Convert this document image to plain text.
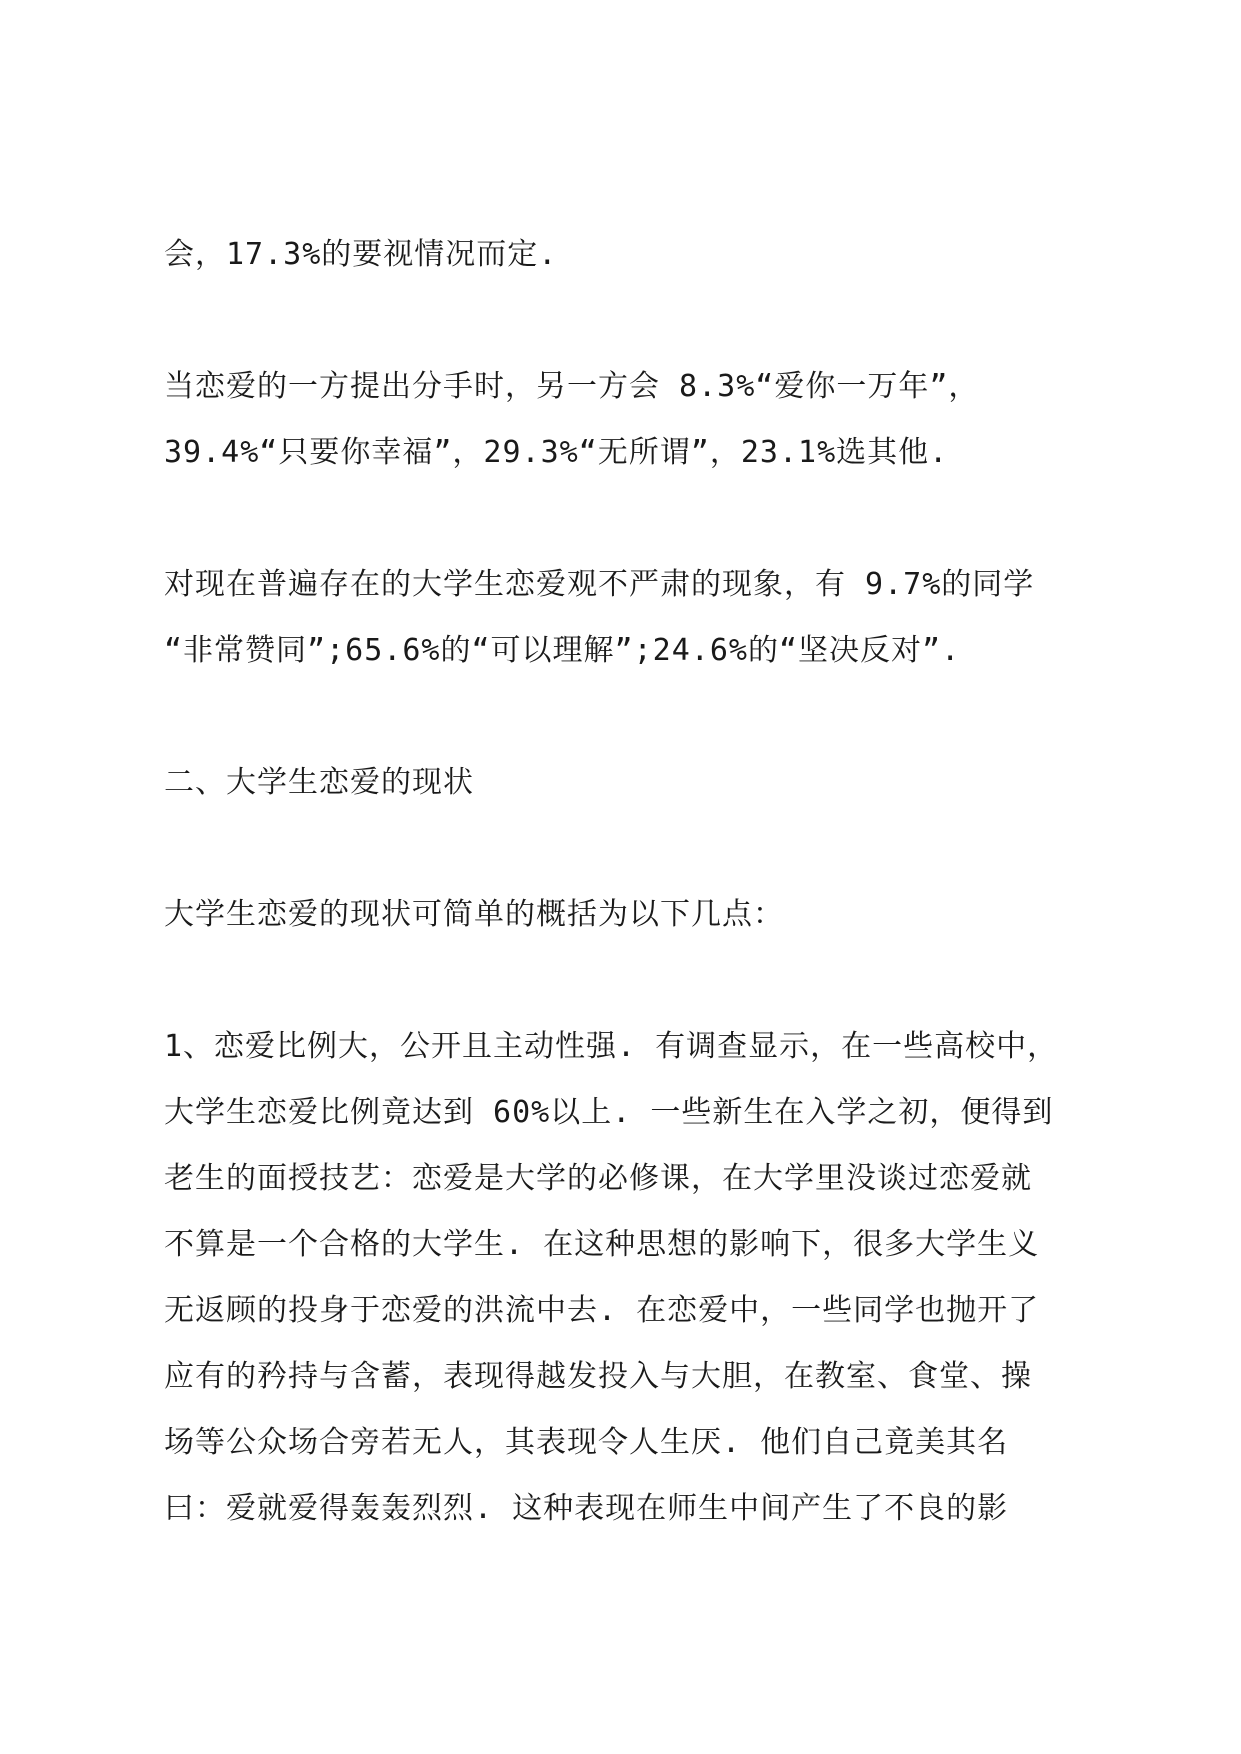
会，17.3%的要视情况而定.

当恋爱的一方提出分手时，另一方会 8.3%“爱你一万年”，
39.4%“只要你幸福”，29.3%“无所谓”，23.1%选其他.

对现在普遍存在的大学生恋爱观不严肃的现象，有 9.7%的同学
“非常赞同”;65.6%的“可以理解”;24.6%的“坚决反对”.

二、大学生恋爱的现状

大学生恋爱的现状可简单的概括为以下几点：

1、恋爱比例大，公开且主动性强. 有调查显示，在一些高校中，
大学生恋爱比例竟达到 60%以上. 一些新生在入学之初，便得到
老生的面授技艺：恋爱是大学的必修课，在大学里没谈过恋爱就
不算是一个合格的大学生. 在这种思想的影响下，很多大学生义
无返顾的投身于恋爱的洪流中去. 在恋爱中，一些同学也抛开了
应有的矜持与含蓄，表现得越发投入与大胆，在教室、食堂、操
场等公众场合旁若无人，其表现令人生厌. 他们自己竟美其名
曰：爱就爱得轰轰烈烈. 这种表现在师生中间产生了不良的影
